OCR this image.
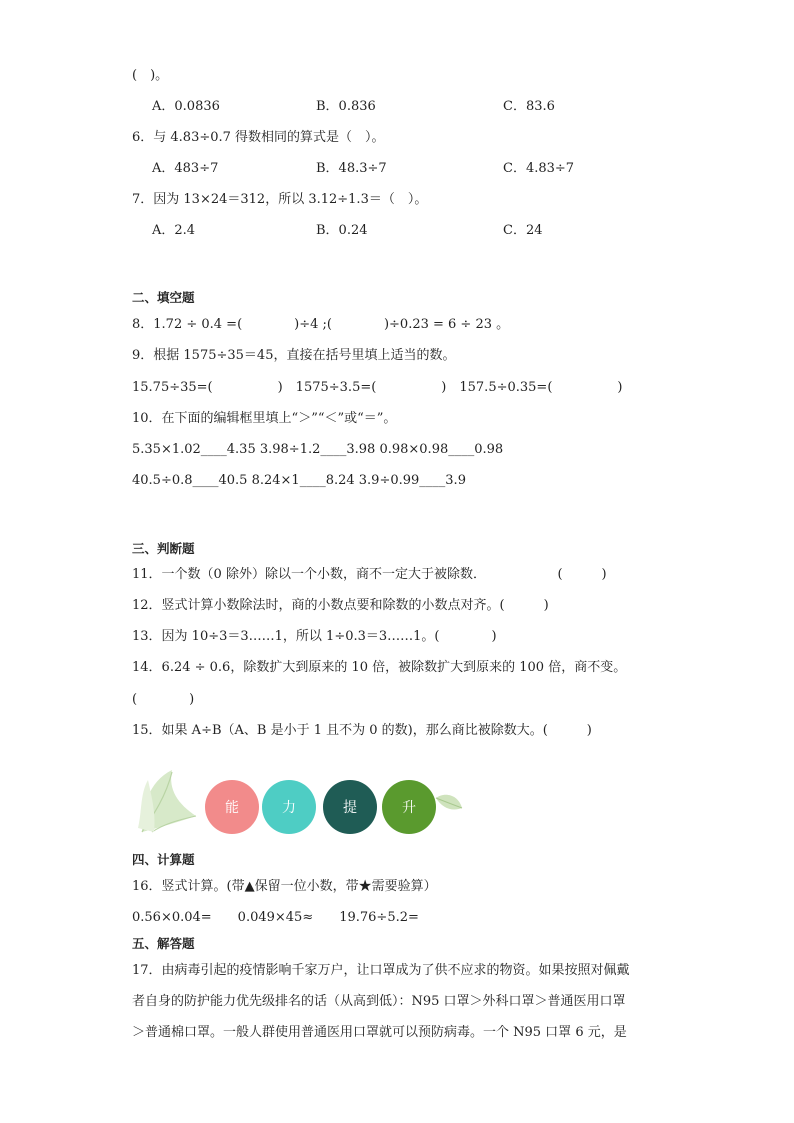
(　)。
A．0.0836	B．0.836	C．83.6
6．与 4.83÷0.7 得数相同的算式是（　）。
A．483÷7	B．48.3÷7	C．4.83÷7
7．因为 13×24＝312，所以 3.12÷1.3＝（　）。
A．2.4	B．0.24	C．24
二、填空题
8．1.72 ÷ 0.4 =(　　　　)÷4 ;(　　　　)÷0.23 = 6 ÷ 23 。
9．根据 1575÷35＝45，直接在括号里填上适当的数。
15.75÷35=(　　　　　)　1575÷3.5=(　　　　　)　157.5÷0.35=(　　　　　)
10．在下面的编辑框里填上“＞”“＜”或“＝”。
5.35×1.02____4.35 3.98÷1.2____3.98 0.98×0.98____0.98
40.5÷0.8____40.5 8.24×1____8.24 3.9÷0.99____3.9
三、判断题
11．一个数（0 除外）除以一个小数，商不一定大于被除数．　　　　　　(　　　)
12．竖式计算小数除法时，商的小数点要和除数的小数点对齐。(　　　)
13．因为 10÷3＝3……1，所以 1÷0.3＝3……1。(　　　　)
14．6.24 ÷ 0.6，除数扩大到原来的 10 倍，被除数扩大到原来的 100 倍，商不变。
(　　　　)
15．如果 A÷B（A、B 是小于 1 且不为 0 的数)，那么商比被除数大。(　　　)
能	力	提	升
四、计算题
16．竖式计算。(带▲保留一位小数，带★需要验算）
0.56×0.04=　　0.049×45≈　　19.76÷5.2=
五、解答题
17．由病毒引起的疫情影响千家万户，让口罩成为了供不应求的物资。如果按照对佩戴
者自身的防护能力优先级排名的话（从高到低）：N95 口罩＞外科口罩＞普通医用口罩
＞普通棉口罩。一般人群使用普通医用口罩就可以预防病毒。一个 N95 口罩 6 元，是
